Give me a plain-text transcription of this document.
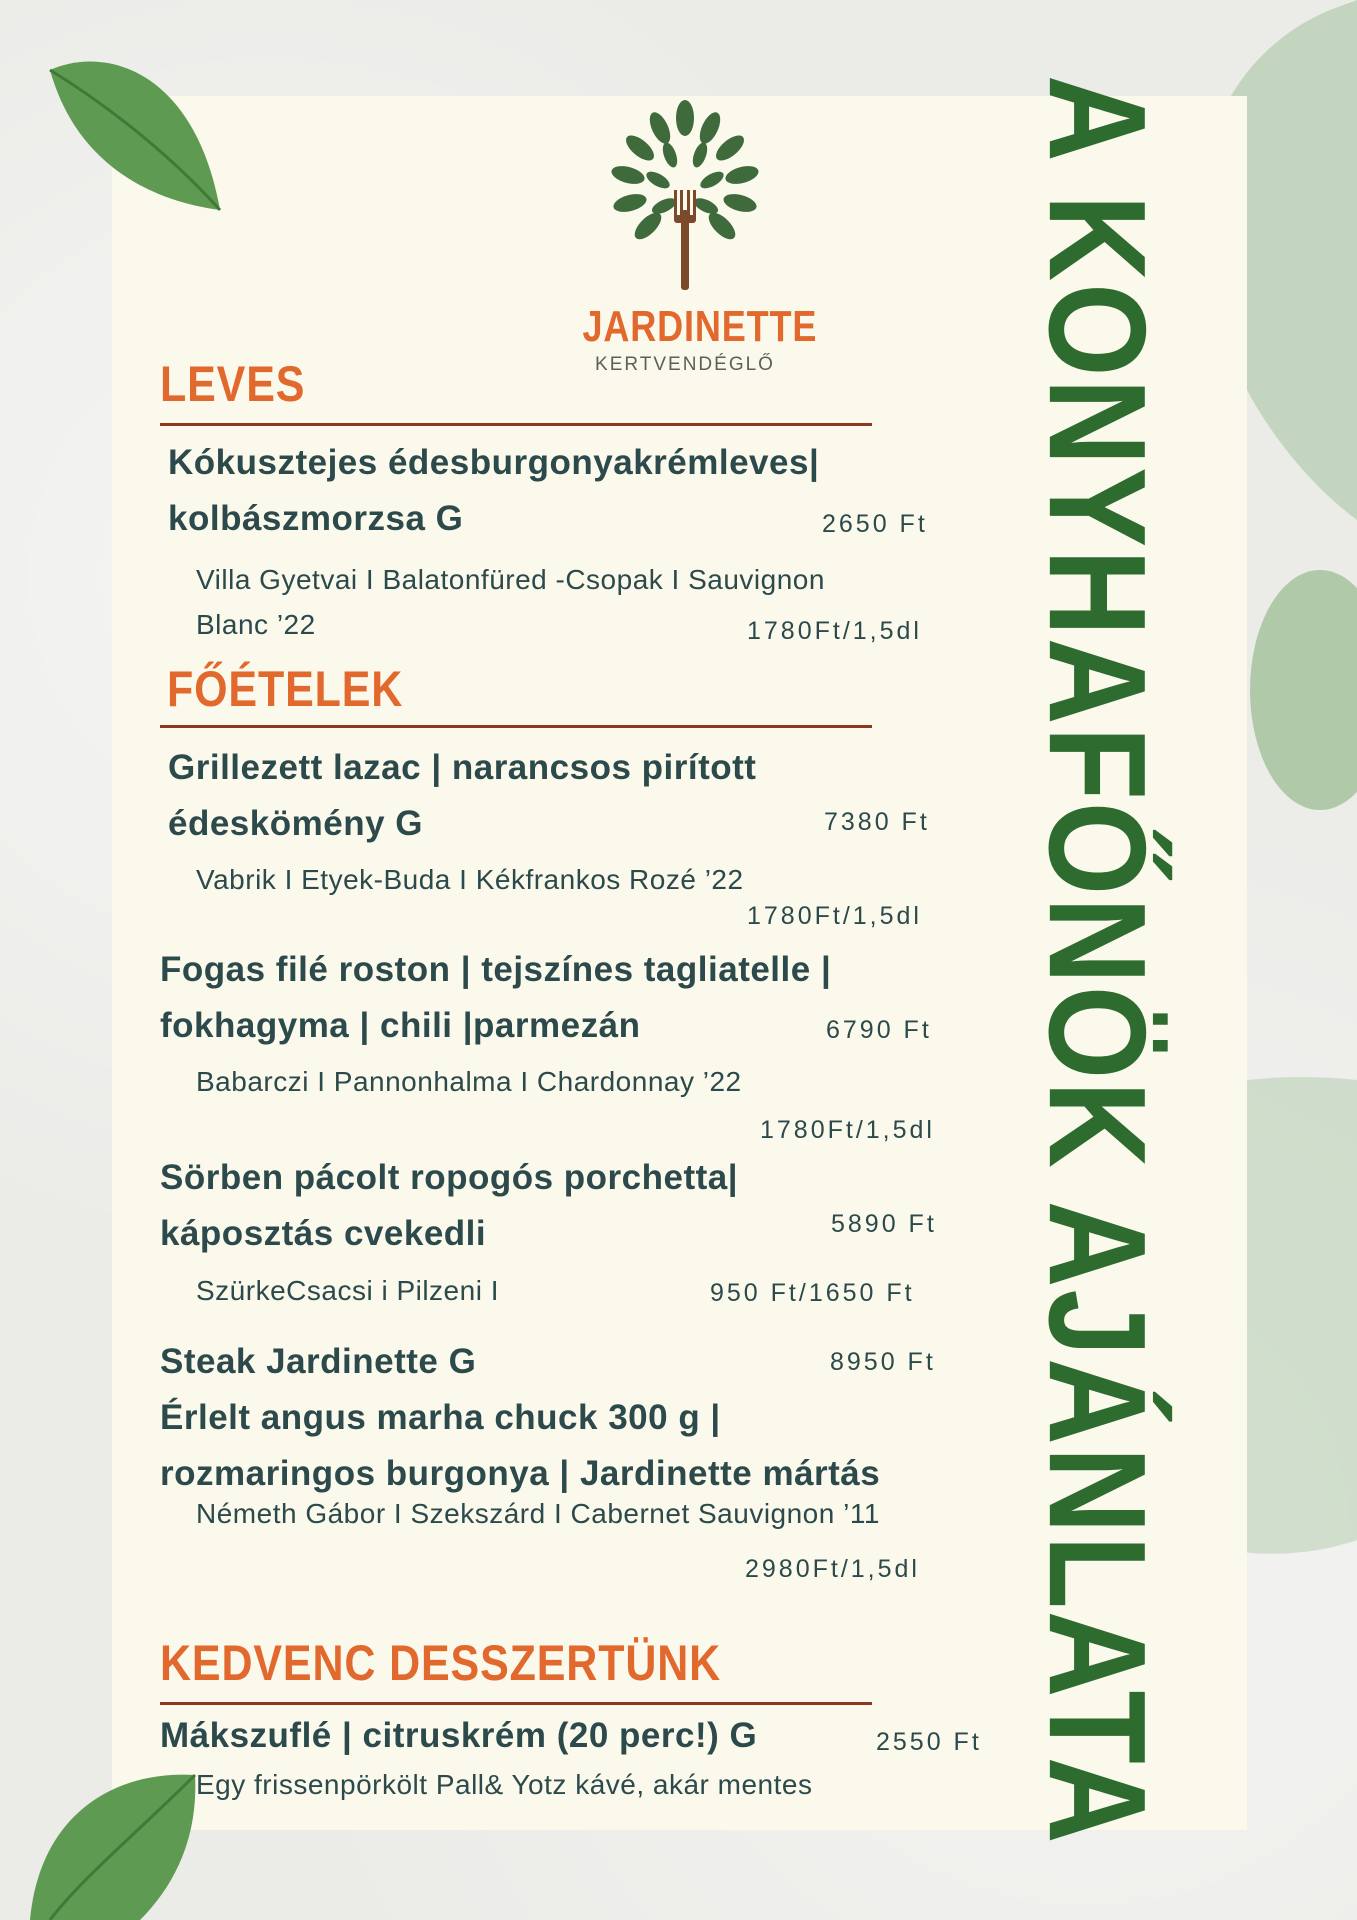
A KONYHAFŐNÖK AJÁNLATA
JARDINETTE
KERTVENDÉGLŐ
LEVES
Kókusztejes édesburgonyakrémleves|
kolbászmorzsa G	2650 Ft
Villa Gyetvai I Balatonfüred -Csopak I Sauvignon
Blanc ’22	1780Ft/1,5dl
FŐÉTELEK
Grillezett lazac | narancsos pirított
édeskömény G	7380 Ft
Vabrik I Etyek-Buda I Kékfrankos Rozé ’22
1780Ft/1,5dl
Fogas filé roston | tejszínes tagliatelle |
fokhagyma | chili |parmezán	6790 Ft
Babarczi I Pannonhalma I Chardonnay ’22
1780Ft/1,5dl
Sörben pácolt ropogós porchetta|
káposztás cvekedli	5890 Ft
SzürkeCsacsi i Pilzeni I	950 Ft/1650 Ft
Steak Jardinette G	8950 Ft
Érlelt angus marha chuck 300 g |
rozmaringos burgonya | Jardinette mártás
Németh Gábor I Szekszárd I Cabernet Sauvignon ’11
2980Ft/1,5dl
KEDVENC DESSZERTÜNK
Mákszuflé | citruskrém (20 perc!) G	2550 Ft
Egy frissenpörkölt Pall& Yotz kávé, akár mentes
